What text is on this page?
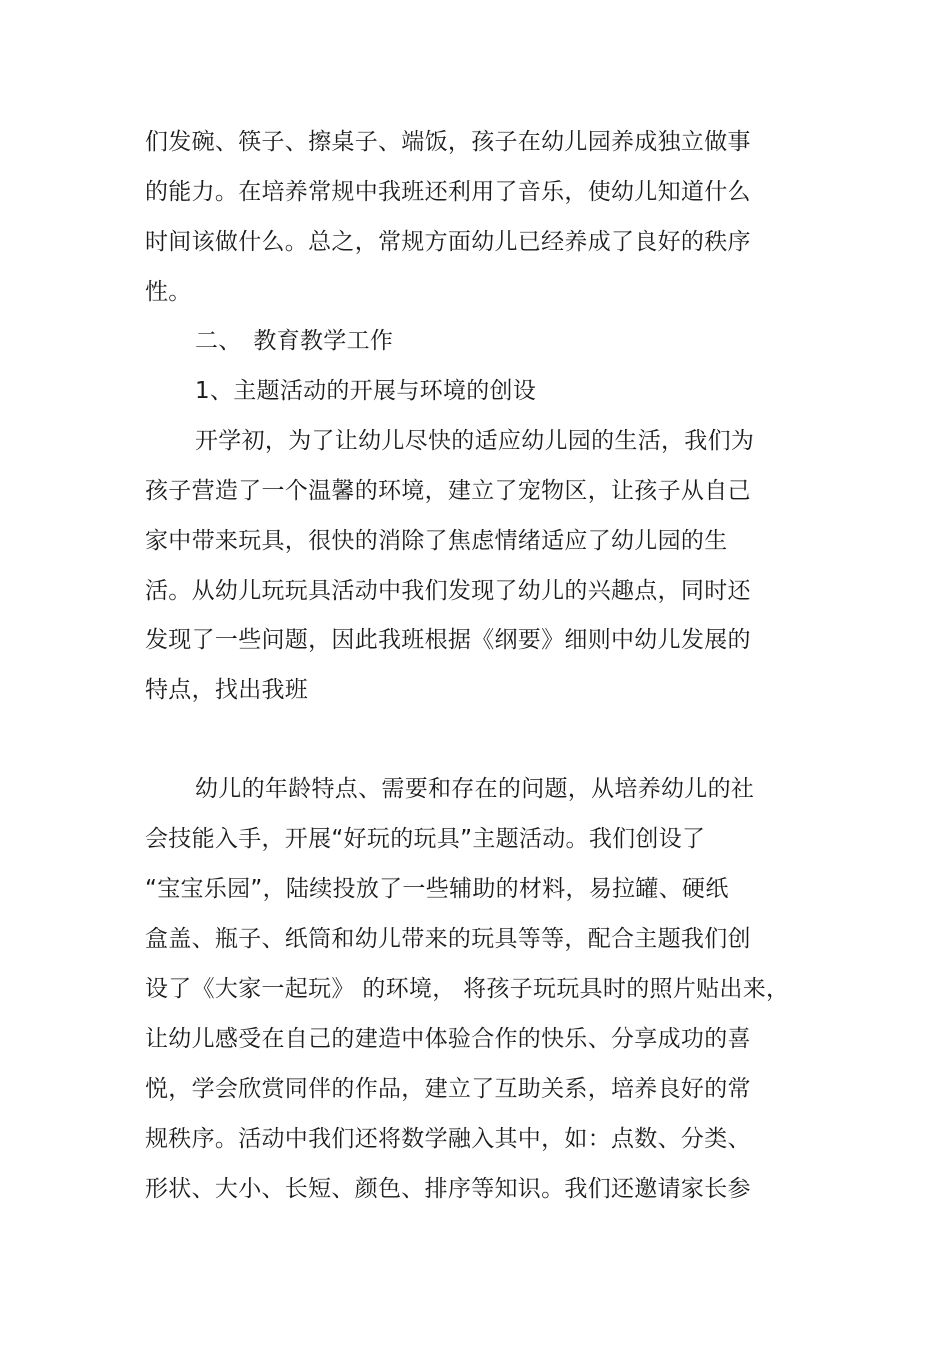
们发碗、筷子、擦桌子、端饭，孩子在幼儿园养成独立做事
的能力。在培养常规中我班还利用了音乐，使幼儿知道什么
时间该做什么。总之，常规方面幼儿已经养成了良好的秩序
性。
二、　教育教学工作
1、主题活动的开展与环境的创设
开学初，为了让幼儿尽快的适应幼儿园的生活，我们为
孩子营造了一个温馨的环境，建立了宠物区，让孩子从自己
家中带来玩具，很快的消除了焦虑情绪适应了幼儿园的生
活。从幼儿玩玩具活动中我们发现了幼儿的兴趣点，同时还
发现了一些问题，因此我班根据《纲要》细则中幼儿发展的
特点，找出我班
幼儿的年龄特点、需要和存在的问题，从培养幼儿的社
会技能入手，开展“好玩的玩具”主题活动。我们创设了
“宝宝乐园”，陆续投放了一些辅助的材料，易拉罐、硬纸
盒盖、瓶子、纸筒和幼儿带来的玩具等等，配合主题我们创
设了《大家一起玩》 的环境， 将孩子玩玩具时的照片贴出来，
让幼儿感受在自己的建造中体验合作的快乐、分享成功的喜
悦，学会欣赏同伴的作品，建立了互助关系，培养良好的常
规秩序。活动中我们还将数学融入其中，如：点数、分类、
形状、大小、长短、颜色、排序等知识。我们还邀请家长参
